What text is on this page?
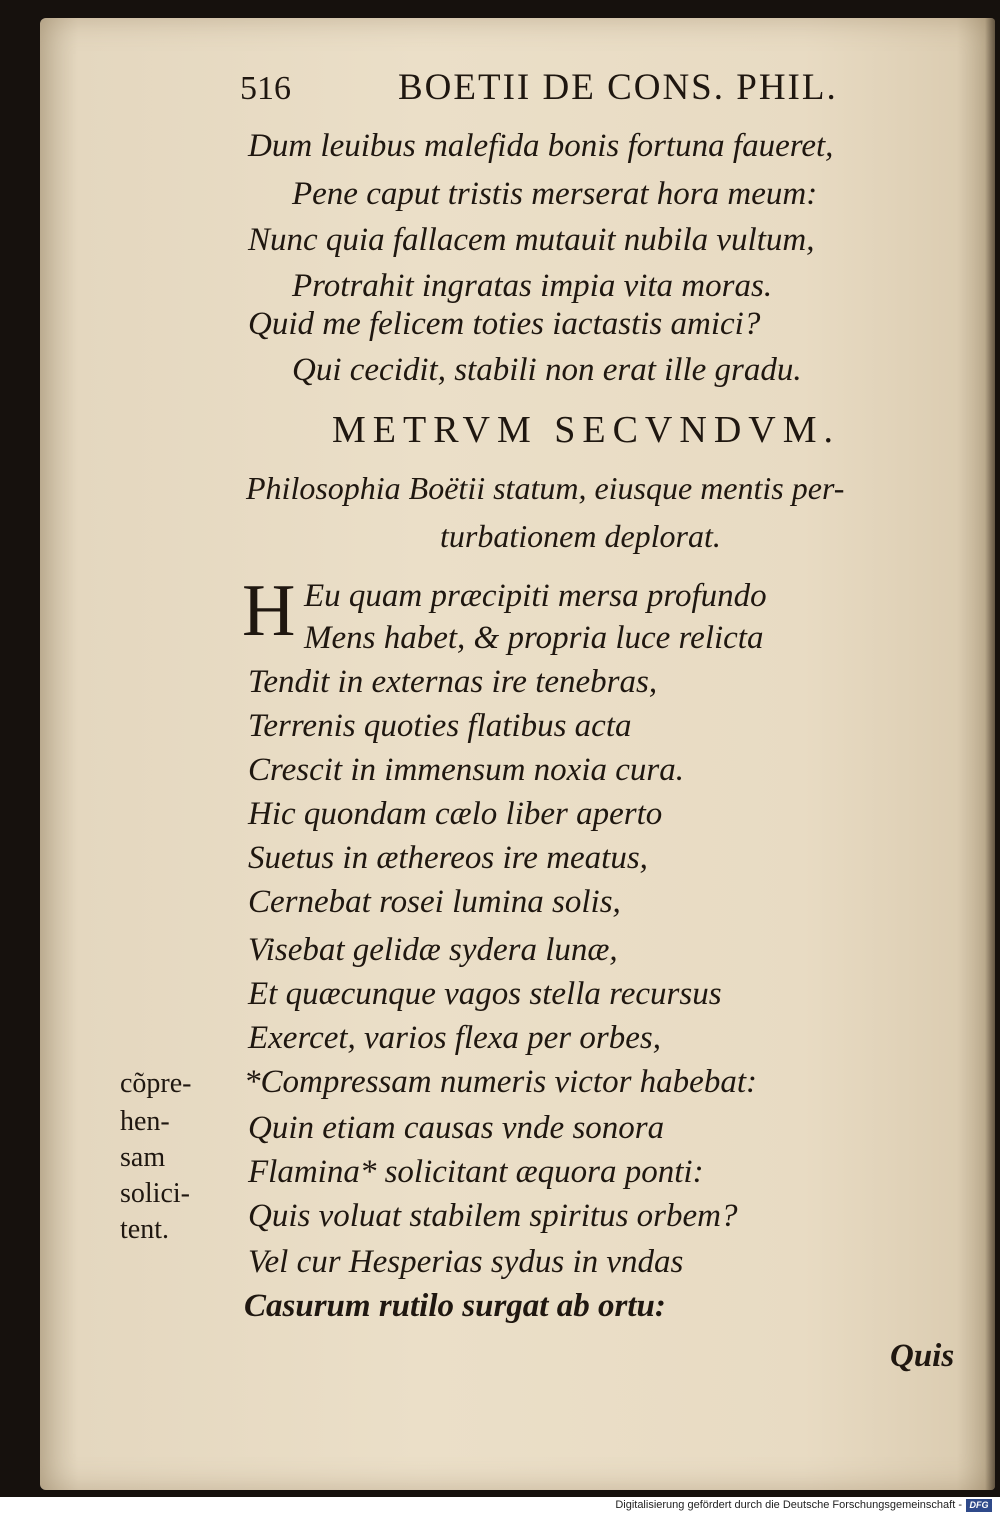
516	BOETII DE CONS. PHIL.
Dum leuibus malefida bonis fortuna faueret,
Pene caput tristis merserat hora meum:
Nunc quia fallacem mutauit nubila vultum,
Protrahit ingratas impia vita moras.
Quid me felicem toties iactastis amici?
Qui cecidit, stabili non erat ille gradu.
METRVM SECVNDVM.
Philosophia Boëtii statum, eiusque mentis per-
turbationem deplorat.
H Eu quam præcipiti mersa profundo
Mens habet, & propria luce relicta
Tendit in externas ire tenebras,
Terrenis quoties flatibus acta
Crescit in immensum noxia cura.
Hic quondam cælo liber aperto
Suetus in æthereos ire meatus,
Cernebat rosei lumina solis,
Visebat gelidæ sydera lunæ,
Et quæcunque vagos stella recursus
Exercet, varios flexa per orbes,
*Compressam numeris victor habebat:
Quin etiam causas vnde sonora
Flamina* solicitant æquora ponti:
Quis voluat stabilem spiritus orbem?
Vel cur Hesperias sydus in vndas
Casurum rutilo surgat ab ortu:
cõpre-
hen-
sam
solici-
tent.
Quis
Digitalisierung gefördert durch die Deutsche Forschungsgemeinschaft - DFG
